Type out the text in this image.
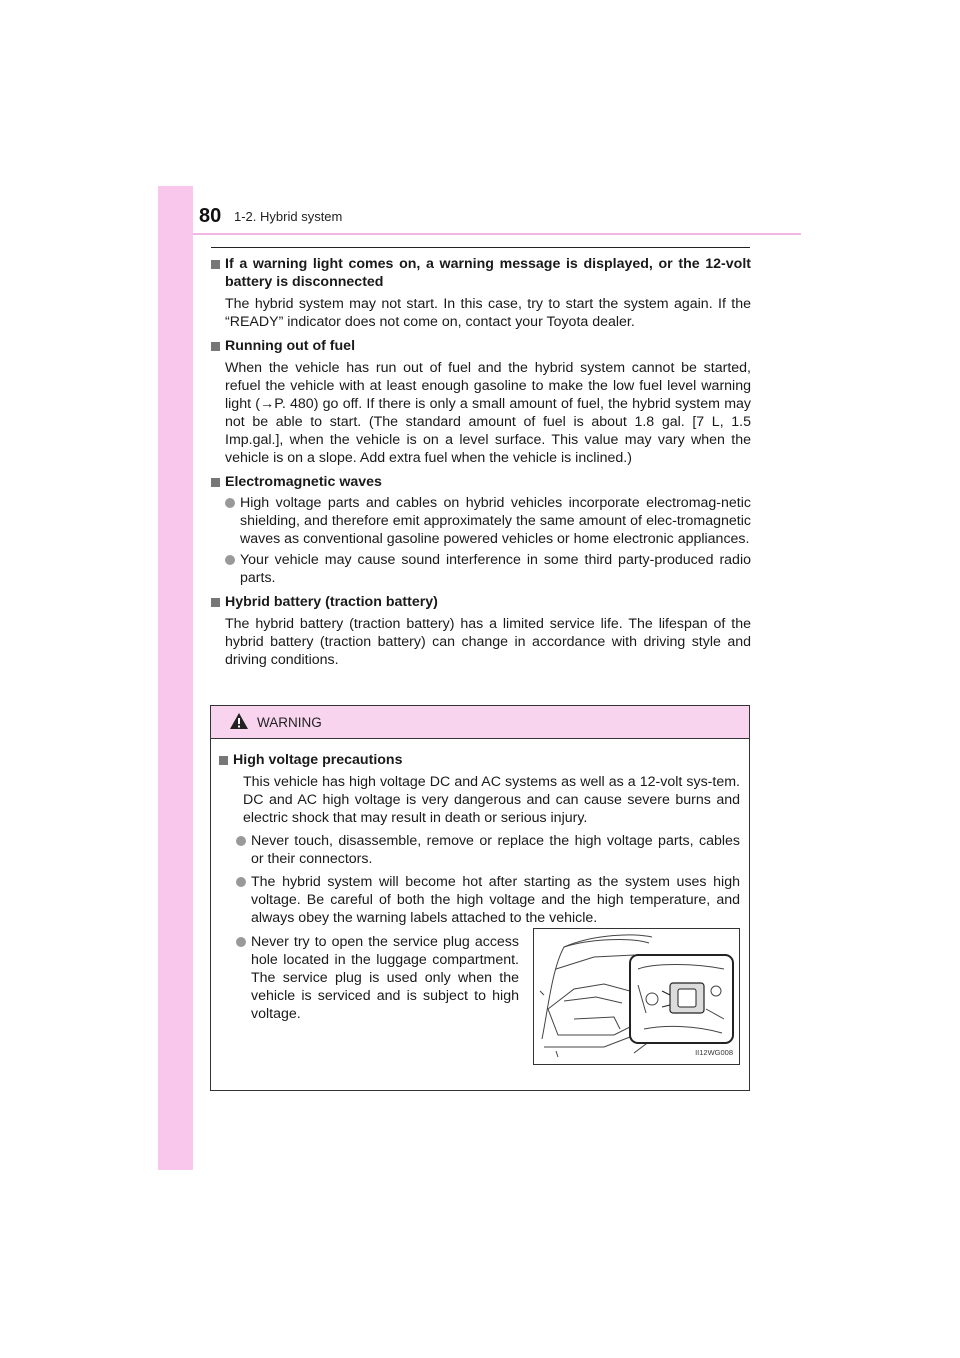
80 1-2. Hybrid system
If a warning light comes on, a warning message is displayed, or the 12-volt battery is disconnected
The hybrid system may not start. In this case, try to start the system again. If the “READY” indicator does not come on, contact your Toyota dealer.
Running out of fuel
When the vehicle has run out of fuel and the hybrid system cannot be started, refuel the vehicle with at least enough gasoline to make the low fuel level warning light (→P. 480) go off. If there is only a small amount of fuel, the hybrid system may not be able to start. (The standard amount of fuel is about 1.8 gal. [7 L, 1.5 Imp.gal.], when the vehicle is on a level surface. This value may vary when the vehicle is on a slope. Add extra fuel when the vehicle is inclined.)
Electromagnetic waves
High voltage parts and cables on hybrid vehicles incorporate electromag-netic shielding, and therefore emit approximately the same amount of elec-tromagnetic waves as conventional gasoline powered vehicles or home electronic appliances.
Your vehicle may cause sound interference in some third party-produced radio parts.
Hybrid battery (traction battery)
The hybrid battery (traction battery) has a limited service life. The lifespan of the hybrid battery (traction battery) can change in accordance with driving style and driving conditions.
WARNING
High voltage precautions
This vehicle has high voltage DC and AC systems as well as a 12-volt sys-tem. DC and AC high voltage is very dangerous and can cause severe burns and electric shock that may result in death or serious injury.
Never touch, disassemble, remove or replace the high voltage parts, cables or their connectors.
The hybrid system will become hot after starting as the system uses high voltage. Be careful of both the high voltage and the high temperature, and always obey the warning labels attached to the vehicle.
Never try to open the service plug access hole located in the luggage compartment. The service plug is used only when the vehicle is serviced and is subject to high voltage.
II12WG008
